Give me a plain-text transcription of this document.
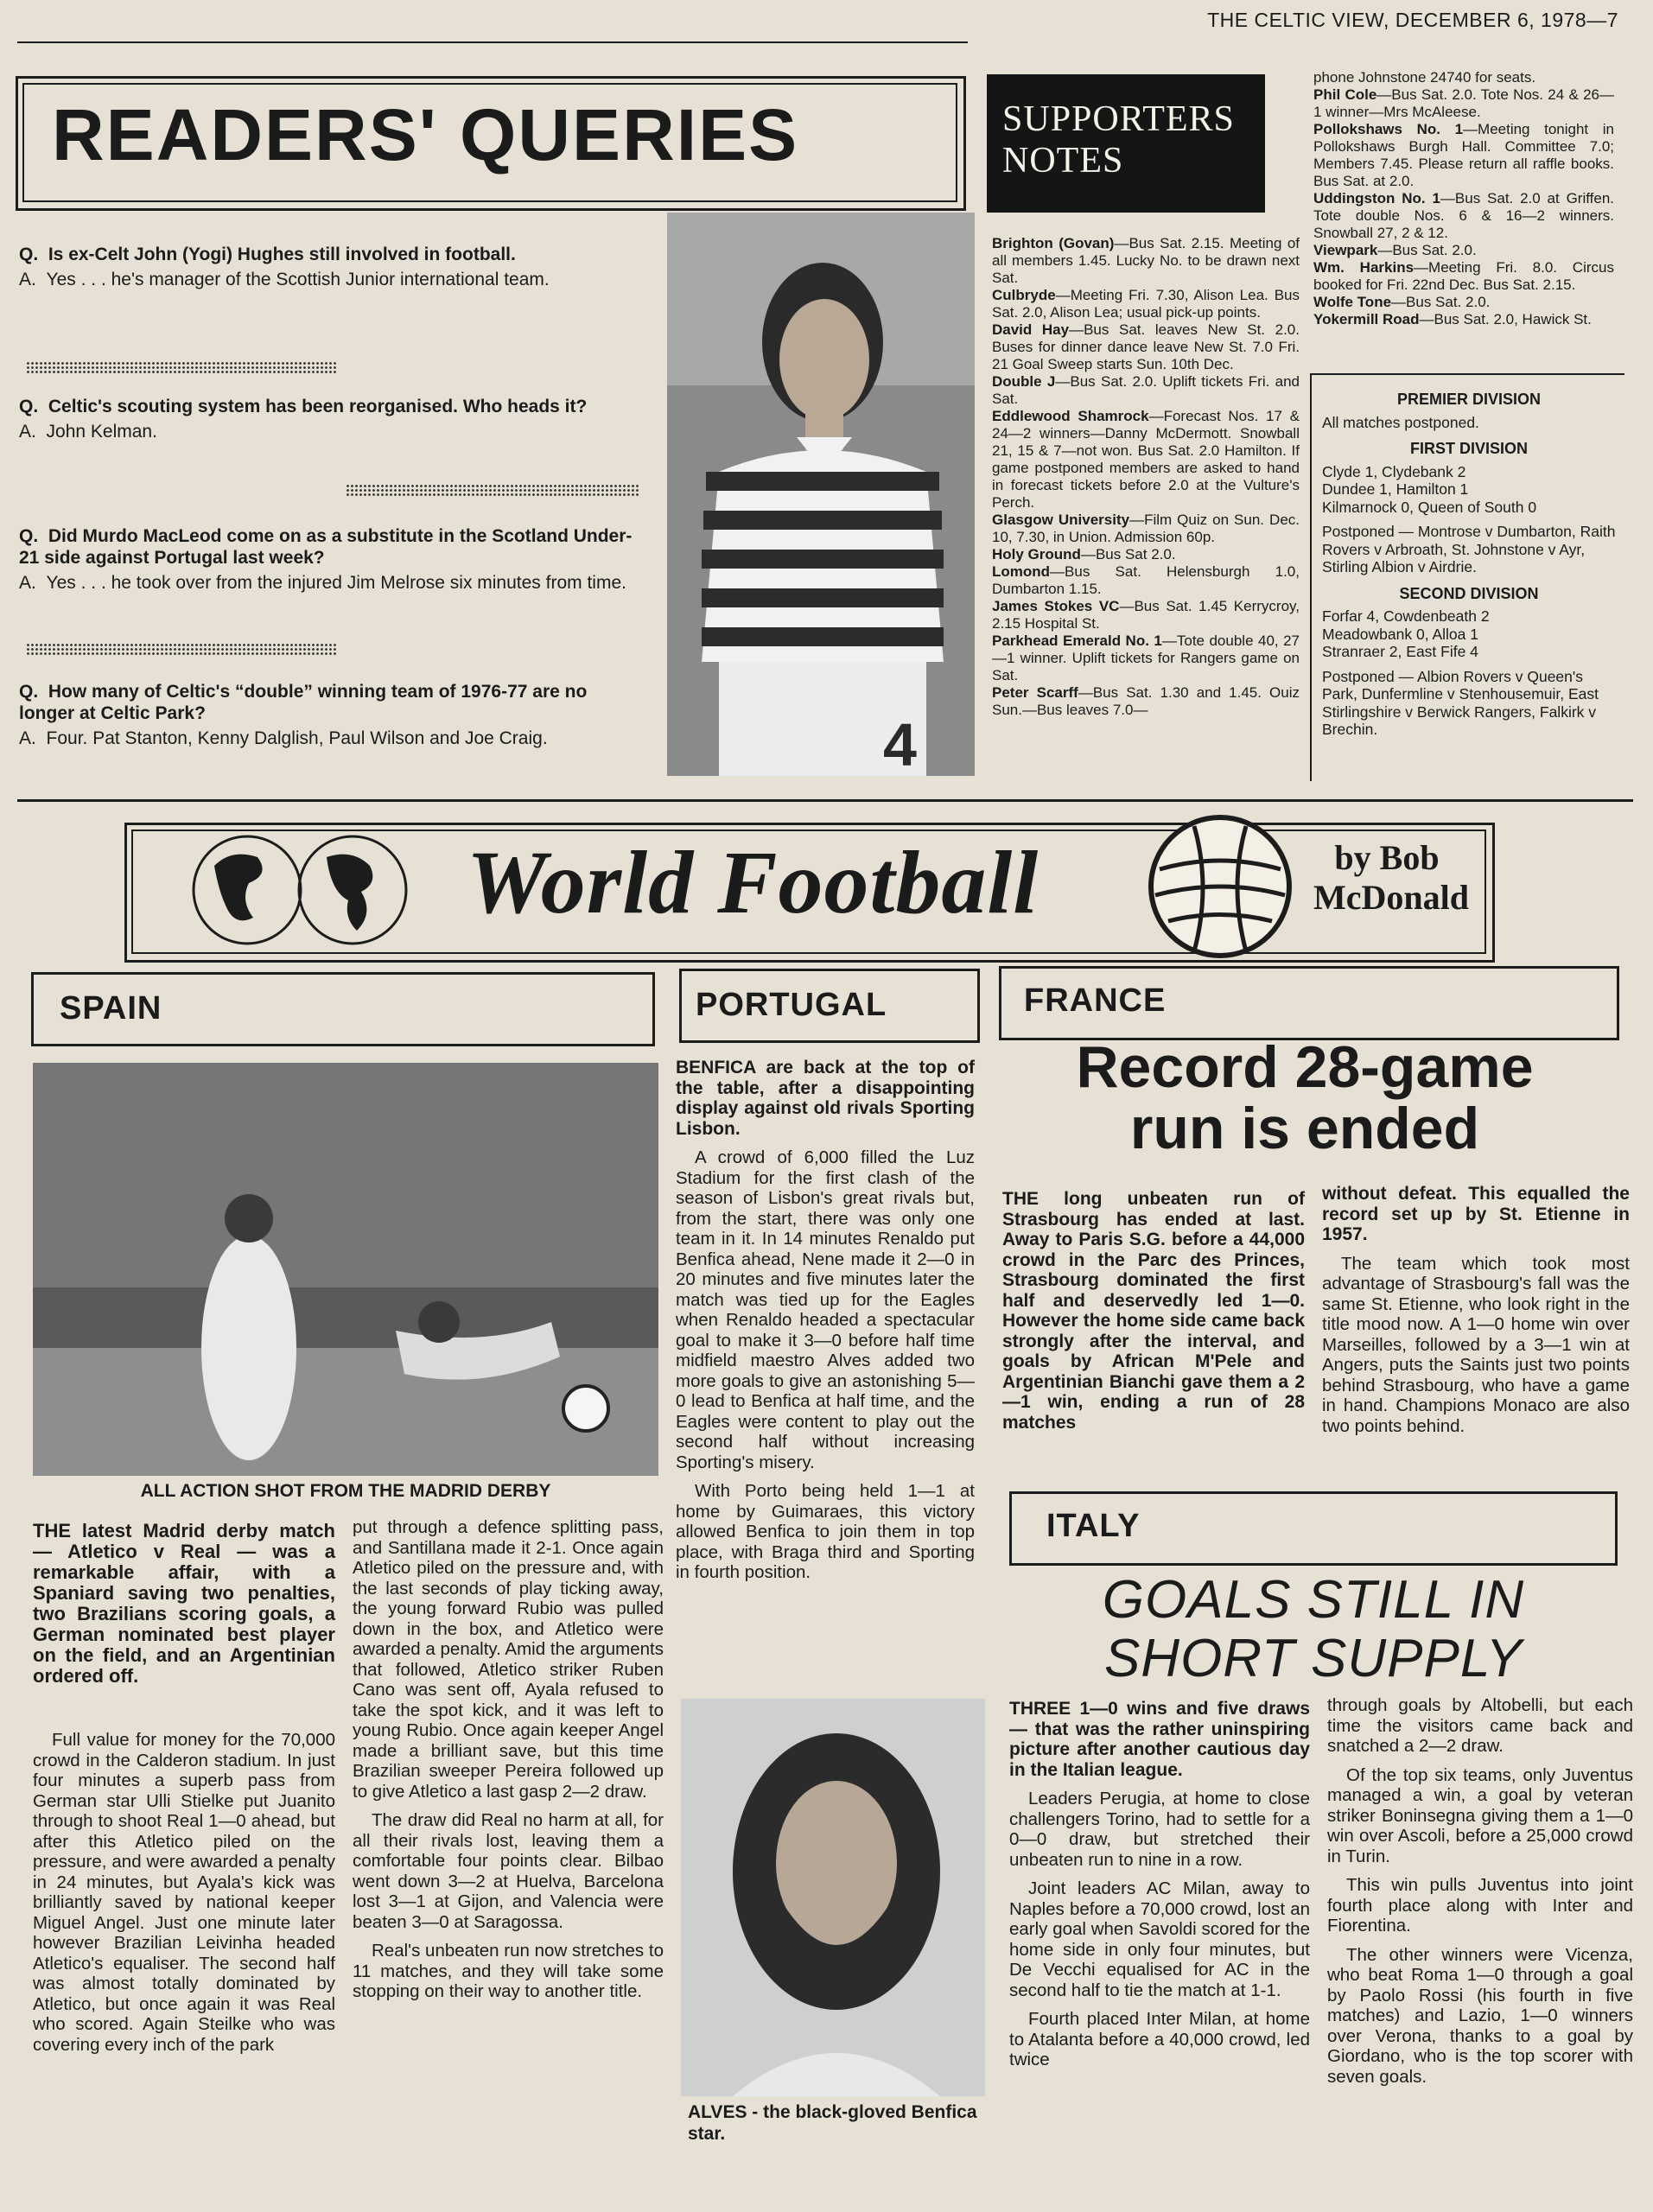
THE CELTIC VIEW, DECEMBER 6, 1978—7
READERS' QUERIES
Q. Is ex-Celt John (Yogi) Hughes still involved in football.
A. Yes . . . he's manager of the Scottish Junior international team.
Q. Celtic's scouting system has been reorganised. Who heads it?
A. John Kelman.
Q. Did Murdo MacLeod come on as a substitute in the Scotland Under-21 side against Portugal last week?
A. Yes . . . he took over from the injured Jim Melrose six minutes from time.
Q. How many of Celtic's “double” winning team of 1976-77 are no longer at Celtic Park?
A. Four. Pat Stanton, Kenny Dalglish, Paul Wilson and Joe Craig.	4
SUPPORTERS
NOTES

Brighton (Govan)—Bus Sat. 2.15. Meeting of all members 1.45. Lucky No. to be drawn next Sat.

Culbryde—Meeting Fri. 7.30, Alison Lea. Bus Sat. 2.0, Alison Lea; usual pick-up points.

David Hay—Bus Sat. leaves New St. 2.0. Buses for dinner dance leave New St. 7.0 Fri. 21 Goal Sweep starts Sun. 10th Dec.

Double J—Bus Sat. 2.0. Uplift tickets Fri. and Sat.

Eddlewood Shamrock—Forecast Nos. 17 & 24—2 winners—Danny McDermott. Snowball 21, 15 & 7—not won. Bus Sat. 2.0 Hamilton. If game postponed members are asked to hand in forecast tickets before 2.0 at the Vulture's Perch.

Glasgow University—Film Quiz on Sun. Dec. 10, 7.30, in Union. Admission 60p.

Holy Ground—Bus Sat 2.0.

Lomond—Bus Sat. Helensburgh 1.0, Dumbarton 1.15.

James Stokes VC—Bus Sat. 1.45 Kerrycroy, 2.15 Hospital St.

Parkhead Emerald No. 1—Tote double 40, 27—1 winner. Uplift tickets for Rangers game on Sat.

Peter Scarff—Bus Sat. 1.30 and 1.45. Ouiz Sun.—Bus leaves 7.0—

phone Johnstone 24740 for seats.

Phil Cole—Bus Sat. 2.0. Tote Nos. 24 & 26—1 winner—Mrs McAleese.

Pollokshaws No. 1—Meeting tonight in Pollokshaws Burgh Hall. Committee 7.0; Members 7.45. Please return all raffle books. Bus Sat. at 2.0.

Uddingston No. 1—Bus Sat. 2.0 at Griffen. Tote double Nos. 6 & 16—2 winners. Snowball 27, 2 & 12.

Viewpark—Bus Sat. 2.0.

Wm. Harkins—Meeting Fri. 8.0. Circus booked for Fri. 22nd Dec. Bus Sat. 2.15.

Wolfe Tone—Bus Sat. 2.0.

Yokermill Road—Bus Sat. 2.0, Hawick St.

PREMIER DIVISION

All matches postponed.

FIRST DIVISION

Clyde 1, Clydebank 2

Dundee 1, Hamilton 1

Kilmarnock 0, Queen of South 0

Postponed — Montrose v Dumbarton, Raith Rovers v Arbroath, St. Johnstone v Ayr, Stirling Albion v Airdrie.

SECOND DIVISION

Forfar 4, Cowdenbeath 2

Meadowbank 0, Alloa 1

Stranraer 2, East Fife 4

Postponed — Albion Rovers v Queen's Park, Dunfermline v Stenhousemuir, East Stirlingshire v Berwick Rangers, Falkirk v Brechin.

World Football	by Bob
McDonald
SPAIN	PORTUGAL	FRANCE
ALL ACTION SHOT FROM THE MADRID DERBY

THE latest Madrid derby match — Atletico v Real — was a remarkable affair, with a Spaniard saving two penalties, two Brazilians scoring goals, a German nominated best player on the field, and an Argentinian ordered off.

Full value for money for the 70,000 crowd in the Calderon stadium. In just four minutes a superb pass from German star Ulli Stielke put Juanito through to shoot Real 1—0 ahead, but after this Atletico piled on the pressure, and were awarded a penalty in 24 minutes, but Ayala's kick was brilliantly saved by national keeper Miguel Angel. Just one minute later however Brazilian Leivinha headed Atletico's equaliser. The second half was almost totally dominated by Atletico, but once again it was Real who scored. Again Steilke who was covering every inch of the park

put through a defence splitting pass, and Santillana made it 2-1. Once again Atletico piled on the pressure and, with the last seconds of play ticking away, the young forward Rubio was pulled down in the box, and Atletico were awarded a penalty. Amid the arguments that followed, Atletico striker Ruben Cano was sent off, Ayala refused to take the spot kick, and it was left to young Rubio. Once again keeper Angel made a brilliant save, but this time Brazilian sweeper Pereira followed up to give Atletico a last gasp 2—2 draw.

The draw did Real no harm at all, for all their rivals lost, leaving them a comfortable four points clear. Bilbao went down 3—2 at Huelva, Barcelona lost 3—1 at Gijon, and Valencia were beaten 3—0 at Saragossa.

Real's unbeaten run now stretches to 11 matches, and they will take some stopping on their way to another title.

BENFICA are back at the top of the table, after a disappointing display against old rivals Sporting Lisbon.

A crowd of 6,000 filled the Luz Stadium for the first clash of the season of Lisbon's great rivals but, from the start, there was only one team in it. In 14 minutes Renaldo put Benfica ahead, Nene made it 2—0 in 20 minutes and five minutes later the match was tied up for the Eagles when Renaldo headed a spectacular goal to make it 3—0 before half time midfield maestro Alves added two more goals to give an astonishing 5—0 lead to Benfica at half time, and the Eagles were content to play out the second half without increasing Sporting's misery.

With Porto being held 1—1 at home by Guimaraes, this victory allowed Benfica to join them in top place, with Braga third and Sporting in fourth position.

ALVES - the black-gloved Benfica star.
Record 28-game
run is ended

THE long unbeaten run of Strasbourg has ended at last. Away to Paris S.G. before a 44,000 crowd in the Parc des Princes, Strasbourg dominated the first half and deservedly led 1—0. However the home side came back strongly after the interval, and goals by African M'Pele and Argentinian Bianchi gave them a 2—1 win, ending a run of 28 matches

without defeat. This equalled the record set up by St. Etienne in 1957.

The team which took most advantage of Strasbourg's fall was the same St. Etienne, who look right in the title mood now. A 1—0 home win over Marseilles, followed by a 3—1 win at Angers, puts the Saints just two points behind Strasbourg, who have a game in hand. Champions Monaco are also two points behind.

ITALY
GOALS STILL IN
SHORT SUPPLY

THREE 1—0 wins and five draws — that was the rather uninspiring picture after another cautious day in the Italian league.

Leaders Perugia, at home to close challengers Torino, had to settle for a 0—0 draw, but stretched their unbeaten run to nine in a row.

Joint leaders AC Milan, away to Naples before a 70,000 crowd, lost an early goal when Savoldi scored for the home side in only four minutes, but De Vecchi equalised for AC in the second half to tie the match at 1-1.

Fourth placed Inter Milan, at home to Atalanta before a 40,000 crowd, led twice

through goals by Altobelli, but each time the visitors came back and snatched a 2—2 draw.

Of the top six teams, only Juventus managed a win, a goal by veteran striker Boninsegna giving them a 1—0 win over Ascoli, before a 25,000 crowd in Turin.

This win pulls Juventus into joint fourth place along with Inter and Fiorentina.

The other winners were Vicenza, who beat Roma 1—0 through a goal by Paolo Rossi (his fourth in five matches) and Lazio, 1—0 winners over Verona, thanks to a goal by Giordano, who is the top scorer with seven goals.
